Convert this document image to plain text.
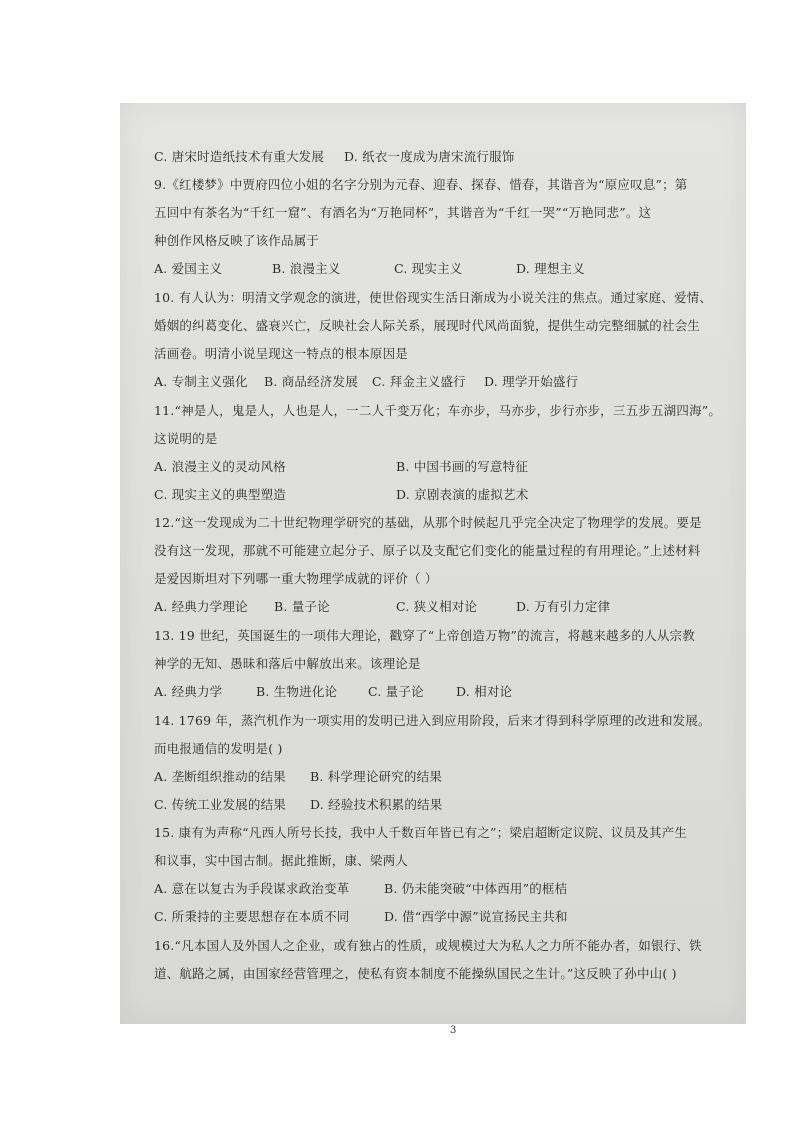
C. 唐宋时造纸技术有重大发展 D. 纸衣一度成为唐宋流行服饰
9.《红楼梦》中贾府四位小姐的名字分别为元春、迎春、探春、惜春，其谐音为“原应叹息”；第
五回中有茶名为“千红一窟”、有酒名为“万艳同杯”，其谐音为“千红一哭”“万艳同悲”。这
种创作风格反映了该作品属于
A. 爱国主义	B. 浪漫主义	C. 现实主义	D. 理想主义
10. 有人认为：明清文学观念的演进，使世俗现实生活日渐成为小说关注的焦点。通过家庭、爱情、
婚姻的纠葛变化、盛衰兴亡，反映社会人际关系，展现时代风尚面貌，提供生动完整细腻的社会生
活画卷。明清小说呈现这一特点的根本原因是
A. 专制主义强化 B. 商品经济发展 C. 拜金主义盛行 D. 理学开始盛行
11.“神是人，鬼是人，人也是人，一二人千变万化；车亦步，马亦步，步行亦步，三五步五湖四海”。
这说明的是
A. 浪漫主义的灵动风格	B. 中国书画的写意特征
C. 现实主义的典型塑造	D. 京剧表演的虚拟艺术
12.“这一发现成为二十世纪物理学研究的基础，从那个时候起几乎完全决定了物理学的发展。要是
没有这一发现，那就不可能建立起分子、原子以及支配它们变化的能量过程的有用理论。”上述材料
是爱因斯坦对下列哪一重大物理学成就的评价（ ）
A. 经典力学理论 B. 量子论	C. 狭义相对论	D. 万有引力定律
13. 19 世纪，英国诞生的一项伟大理论，戳穿了“上帝创造万物”的流言，将越来越多的人从宗教
神学的无知、愚昧和落后中解放出来。该理论是
A. 经典力学	B. 生物进化论 C. 量子论	D. 相对论
14. 1769 年，蒸汽机作为一项实用的发明已进入到应用阶段，后来才得到科学原理的改进和发展。
而电报通信的发明是( )
A. 垄断组织推动的结果 B. 科学理论研究的结果
C. 传统工业发展的结果 D. 经验技术积累的结果
15. 康有为声称“凡西人所号长技，我中人千数百年皆已有之”；梁启超断定议院、议员及其产生
和议事，实中国古制。据此推断，康、梁两人
A. 意在以复古为手段谋求政治变革	B. 仍未能突破“中体西用”的框桔
C. 所秉持的主要思想存在本质不同	D. 借“西学中源”说宣扬民主共和
16.“凡本国人及外国人之企业，或有独占的性质，或规模过大为私人之力所不能办者，如银行、铁
道、航路之属，由国家经营管理之，使私有资本制度不能操纵国民之生计。”这反映了孙中山( )
3
